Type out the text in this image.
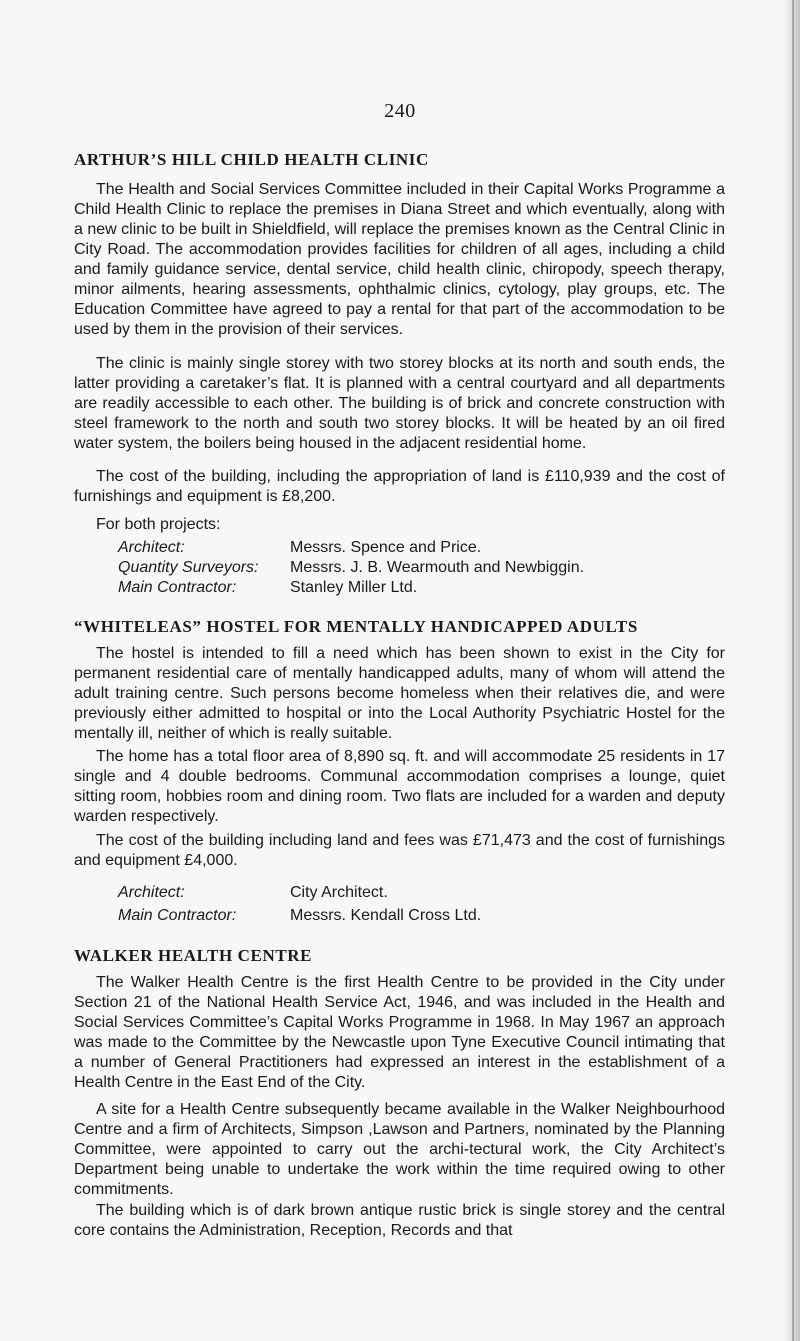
240
ARTHUR’S HILL CHILD HEALTH CLINIC

The Health and Social Services Committee included in their Capital Works Programme a Child Health Clinic to replace the premises in Diana Street and which eventually, along with a new clinic to be built in Shieldfield, will replace the premises known as the Central Clinic in City Road. The accommodation provides facilities for children of all ages, including a child and family guidance service, dental service, child health clinic, chiropody, speech therapy, minor ailments, hearing assessments, ophthalmic clinics, cytology, play groups, etc. The Education Committee have agreed to pay a rental for that part of the accommodation to be used by them in the provision of their services.

The clinic is mainly single storey with two storey blocks at its north and south ends, the latter providing a caretaker’s flat. It is planned with a central courtyard and all departments are readily accessible to each other. The building is of brick and concrete construction with steel framework to the north and south two storey blocks. It will be heated by an oil fired water system, the boilers being housed in the adjacent residential home.

The cost of the building, including the appropriation of land is £110,939 and the cost of furnishings and equipment is £8,200.

For both projects:

Architect:	Messrs. Spence and Price.

Quantity Surveyors: Messrs. J. B. Wearmouth and Newbiggin.

Main Contractor:	Stanley Miller Ltd.

“WHITELEAS” HOSTEL FOR MENTALLY HANDICAPPED ADULTS

The hostel is intended to fill a need which has been shown to exist in the City for permanent residential care of mentally handicapped adults, many of whom will attend the adult training centre. Such persons become homeless when their relatives die, and were previously either admitted to hospital or into the Local Authority Psychiatric Hostel for the mentally ill, neither of which is really suitable.

The home has a total floor area of 8,890 sq. ft. and will accommodate 25 residents in 17 single and 4 double bedrooms. Communal accommodation comprises a lounge, quiet sitting room, hobbies room and dining room. Two flats are included for a warden and deputy warden respectively.

The cost of the building including land and fees was £71,473 and the cost of furnishings and equipment £4,000.

Architect:	City Architect.

Main Contractor:	Messrs. Kendall Cross Ltd.

WALKER HEALTH CENTRE

The Walker Health Centre is the first Health Centre to be provided in the City under Section 21 of the National Health Service Act, 1946, and was included in the Health and Social Services Committee’s Capital Works Programme in 1968. In May 1967 an approach was made to the Committee by the Newcastle upon Tyne Executive Council intimating that a number of General Practitioners had expressed an interest in the establishment of a Health Centre in the East End of the City.

A site for a Health Centre subsequently became available in the Walker Neighbourhood Centre and a firm of Architects, Simpson ,Lawson and Partners, nominated by the Planning Committee, were appointed to carry out the archi-tectural work, the City Architect’s Department being unable to undertake the work within the time required owing to other commitments.

The building which is of dark brown antique rustic brick is single storey and the central core contains the Administration, Reception, Records and that
